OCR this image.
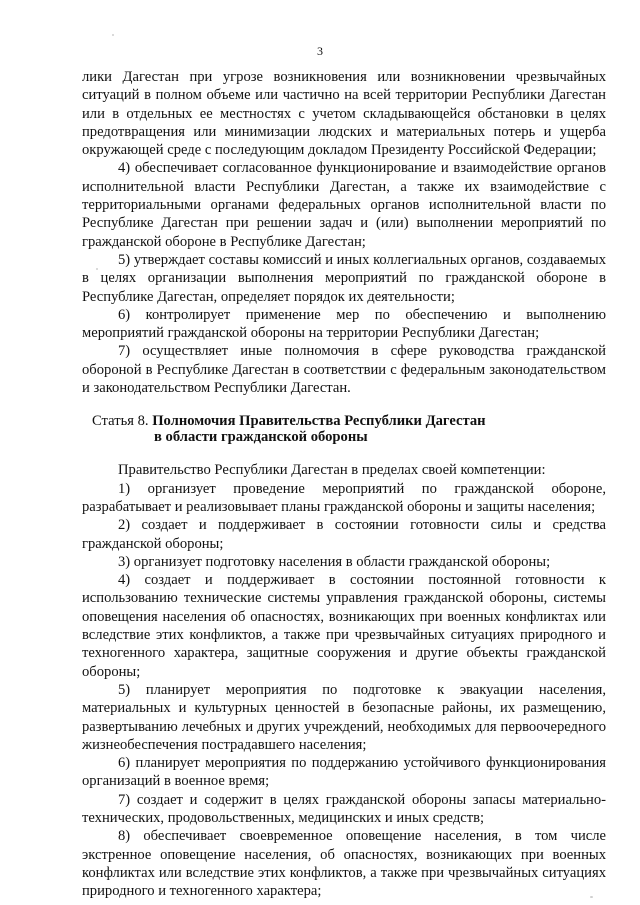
3

лики Дагестан при угрозе возникновения или возникновении чрезвычайных ситуаций в полном объеме или частично на всей территории Республики Дагестан или в отдельных ее местностях с учетом складывающейся обстановки в целях предотвращения или минимизации людских и материальных потерь и ущерба окружающей среде с последующим докладом Президенту Российской Федерации;

4) обеспечивает согласованное функционирование и взаимодействие органов исполнительной власти Республики Дагестан, а также их взаимодействие с территориальными органами федеральных органов исполнительной власти по Республике Дагестан при решении задач и (или) выполнении мероприятий по гражданской обороне в Республике Дагестан;

5) утверждает составы комиссий и иных коллегиальных органов, создаваемых в целях организации выполнения мероприятий по гражданской обороне в Республике Дагестан, определяет порядок их деятельности;

6) контролирует применение мер по обеспечению и выполнению мероприятий гражданской обороны на территории Республики Дагестан;

7) осуществляет иные полномочия в сфере руководства гражданской обороной в Республике Дагестан в соответствии с федеральным законодательством и законодательством Республики Дагестан.

Статья 8. Полномочия Правительства Республики Дагестан
в области гражданской обороны

Правительство Республики Дагестан в пределах своей компетенции:

1) организует проведение мероприятий по гражданской обороне, разрабатывает и реализовывает планы гражданской обороны и защиты населения;

2) создает и поддерживает в состоянии готовности силы и средства гражданской обороны;

3) организует подготовку населения в области гражданской обороны;

4) создает и поддерживает в состоянии постоянной готовности к использованию технические системы управления гражданской обороны, системы оповещения населения об опасностях, возникающих при военных конфликтах или вследствие этих конфликтов, а также при чрезвычайных ситуациях природного и техногенного характера, защитные сооружения и другие объекты гражданской обороны;

5) планирует мероприятия по подготовке к эвакуации населения, материальных и культурных ценностей в безопасные районы, их размещению, развертыванию лечебных и других учреждений, необходимых для первоочередного жизнеобеспечения пострадавшего населения;

6) планирует мероприятия по поддержанию устойчивого функционирования организаций в военное время;

7) создает и содержит в целях гражданской обороны запасы материально-технических, продовольственных, медицинских и иных средств;

8) обеспечивает своевременное оповещение населения, в том числе экстренное оповещение населения, об опасностях, возникающих при военных конфликтах или вследствие этих конфликтов, а также при чрезвычайных ситуациях природного и техногенного характера;
